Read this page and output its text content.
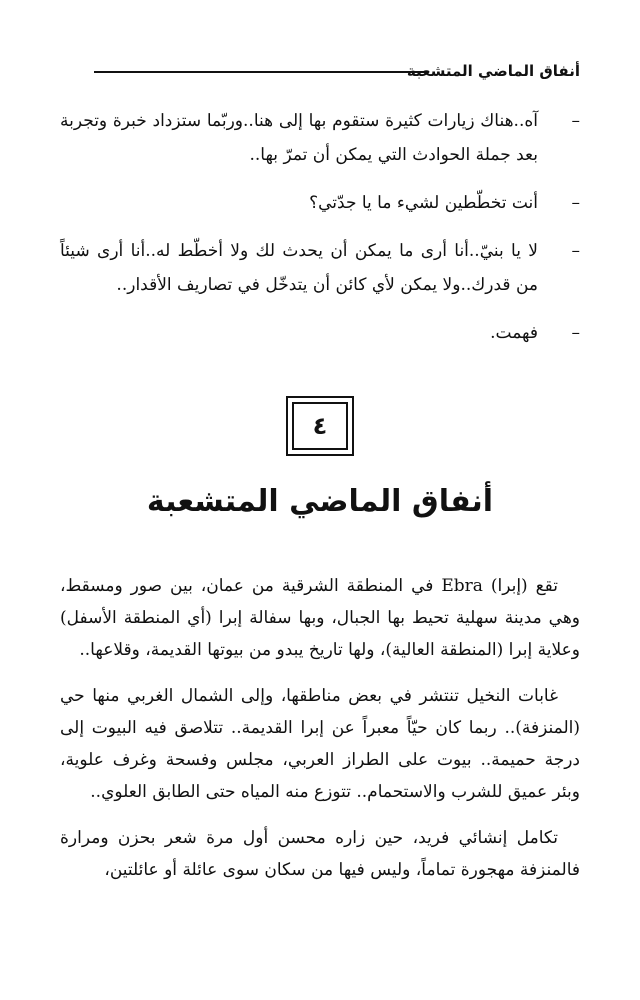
أنفاق الماضي المتشعبة
–
آه..هناك زيارات كثيرة ستقوم بها إلى هنا..وربّما ستزداد خبرة وتجربة بعد جملة الحوادث التي يمكن أن تمرّ بها..
–
أنت تخطّطين لشيء ما يا جدّتي؟
–
لا يا بنيّ..أنا أرى ما يمكن أن يحدث لك ولا أخطّط له..أنا أرى شيئاً من قدرك..ولا يمكن لأي كائن أن يتدخّل في تصاريف الأقدار..
–
فهمت.
٤
أنفاق الماضي المتشعبة

تقع (إبرا) Ebra في المنطقة الشرقية من عمان، بين صور ومسقط، وهي مدينة سهلية تحيط بها الجبال، وبها سفالة إبرا (أي المنطقة الأسفل) وعلاية إبرا (المنطقة العالية)، ولها تاريخ يبدو من بيوتها القديمة، وقلاعها..

غابات النخيل تنتشر في بعض مناطقها، وإلى الشمال الغربي منها حي (المنزفة).. ربما كان حيّاً معبراً عن إبرا القديمة.. تتلاصق فيه البيوت إلى درجة حميمة.. بيوت على الطراز العربي، مجلس وفسحة وغرف علوية، وبئر عميق للشرب والاستحمام.. تتوزع منه المياه حتى الطابق العلوي..

تكامل إنشائي فريد، حين زاره محسن أول مرة شعر بحزن ومرارة فالمنزفة مهجورة تماماً، وليس فيها من سكان سوى عائلة أو عائلتين،
